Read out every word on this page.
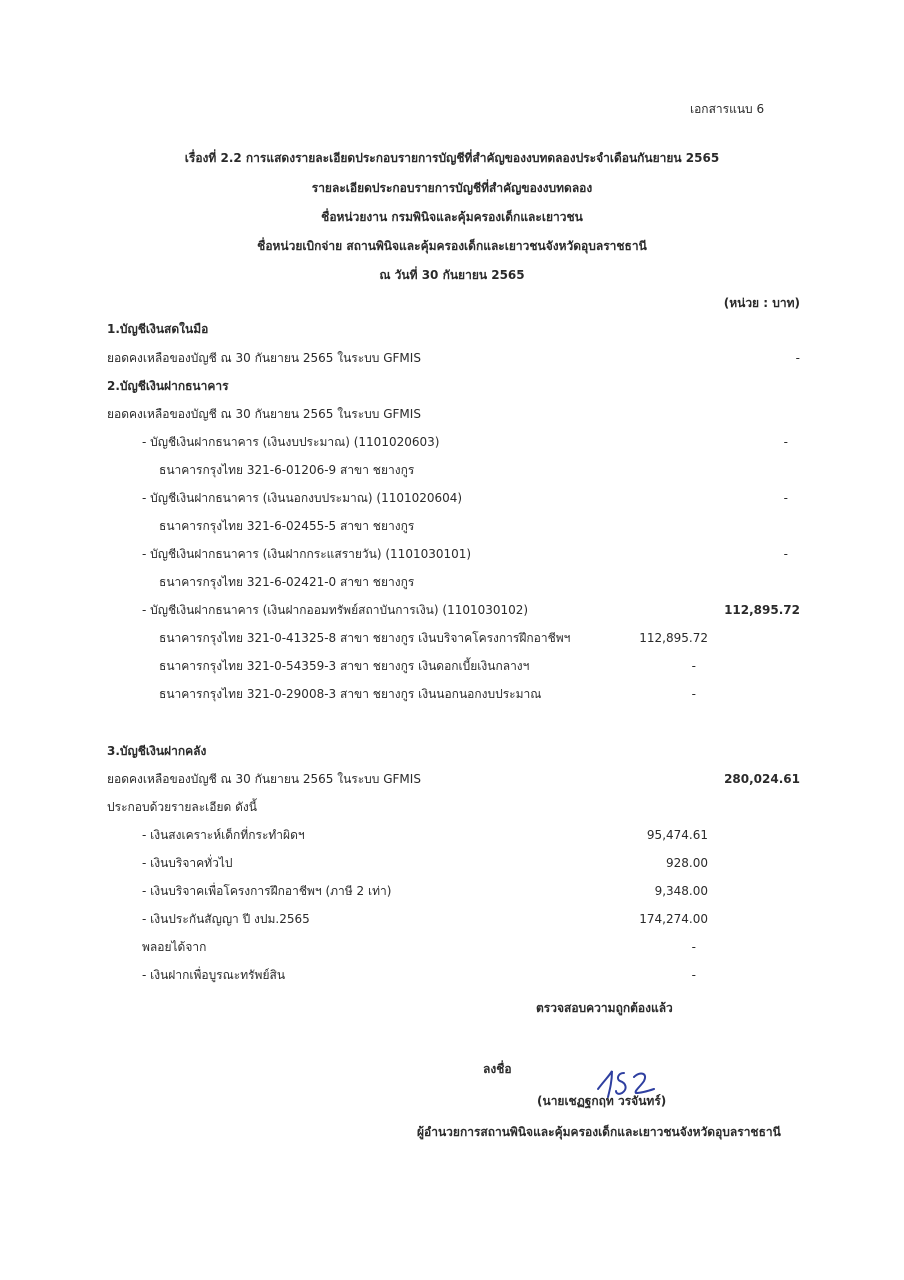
เอกสารแนบ 6
เรื่องที่ 2.2 การแสดงรายละเอียดประกอบรายการบัญชีที่สำคัญของงบทดลองประจำเดือนกันยายน 2565
รายละเอียดประกอบรายการบัญชีที่สำคัญของงบทดลอง
ชื่อหน่วยงาน กรมพินิจและคุ้มครองเด็กและเยาวชน
ชื่อหน่วยเบิกจ่าย สถานพินิจและคุ้มครองเด็กและเยาวชนจังหวัดอุบลราชธานี
ณ วันที่ 30 กันยายน 2565
(หน่วย : บาท)
1.บัญชีเงินสดในมือ
ยอดคงเหลือของบัญชี ณ 30 กันยายน 2565 ในระบบ GFMIS	-
2.บัญชีเงินฝากธนาคาร
ยอดคงเหลือของบัญชี ณ 30 กันยายน 2565 ในระบบ GFMIS
- บัญชีเงินฝากธนาคาร (เงินงบประมาณ) (1101020603)	-
ธนาคารกรุงไทย 321-6-01206-9 สาขา ชยางกูร
- บัญชีเงินฝากธนาคาร (เงินนอกงบประมาณ) (1101020604)	-
ธนาคารกรุงไทย 321-6-02455-5 สาขา ชยางกูร
- บัญชีเงินฝากธนาคาร (เงินฝากกระแสรายวัน) (1101030101)	-
ธนาคารกรุงไทย 321-6-02421-0 สาขา ชยางกูร
- บัญชีเงินฝากธนาคาร (เงินฝากออมทรัพย์สถาบันการเงิน) (1101030102)	112,895.72
ธนาคารกรุงไทย 321-0-41325-8 สาขา ชยางกูร เงินบริจาคโครงการฝึกอาชีพฯ	112,895.72
ธนาคารกรุงไทย 321-0-54359-3 สาขา ชยางกูร เงินดอกเบี้ยเงินกลางฯ	-
ธนาคารกรุงไทย 321-0-29008-3 สาขา ชยางกูร เงินนอกนอกงบประมาณ	-
3.บัญชีเงินฝากคลัง
ยอดคงเหลือของบัญชี ณ 30 กันยายน 2565 ในระบบ GFMIS	280,024.61
ประกอบด้วยรายละเอียด ดังนี้
- เงินสงเคราะห์เด็กที่กระทำผิดฯ	95,474.61
- เงินบริจาคทั่วไป	928.00
- เงินบริจาคเพื่อโครงการฝึกอาชีพฯ (ภาษี 2 เท่า)	9,348.00
- เงินประกันสัญญา ปี งปม.2565	174,274.00
พลอยได้จาก	-
- เงินฝากเพื่อบูรณะทรัพย์สิน	-
ตรวจสอบความถูกต้องแล้ว
ลงชื่อ
(นายเชฏฐกฤท วรจันทร์)
ผู้อำนวยการสถานพินิจและคุ้มครองเด็กและเยาวชนจังหวัดอุบลราชธานี
